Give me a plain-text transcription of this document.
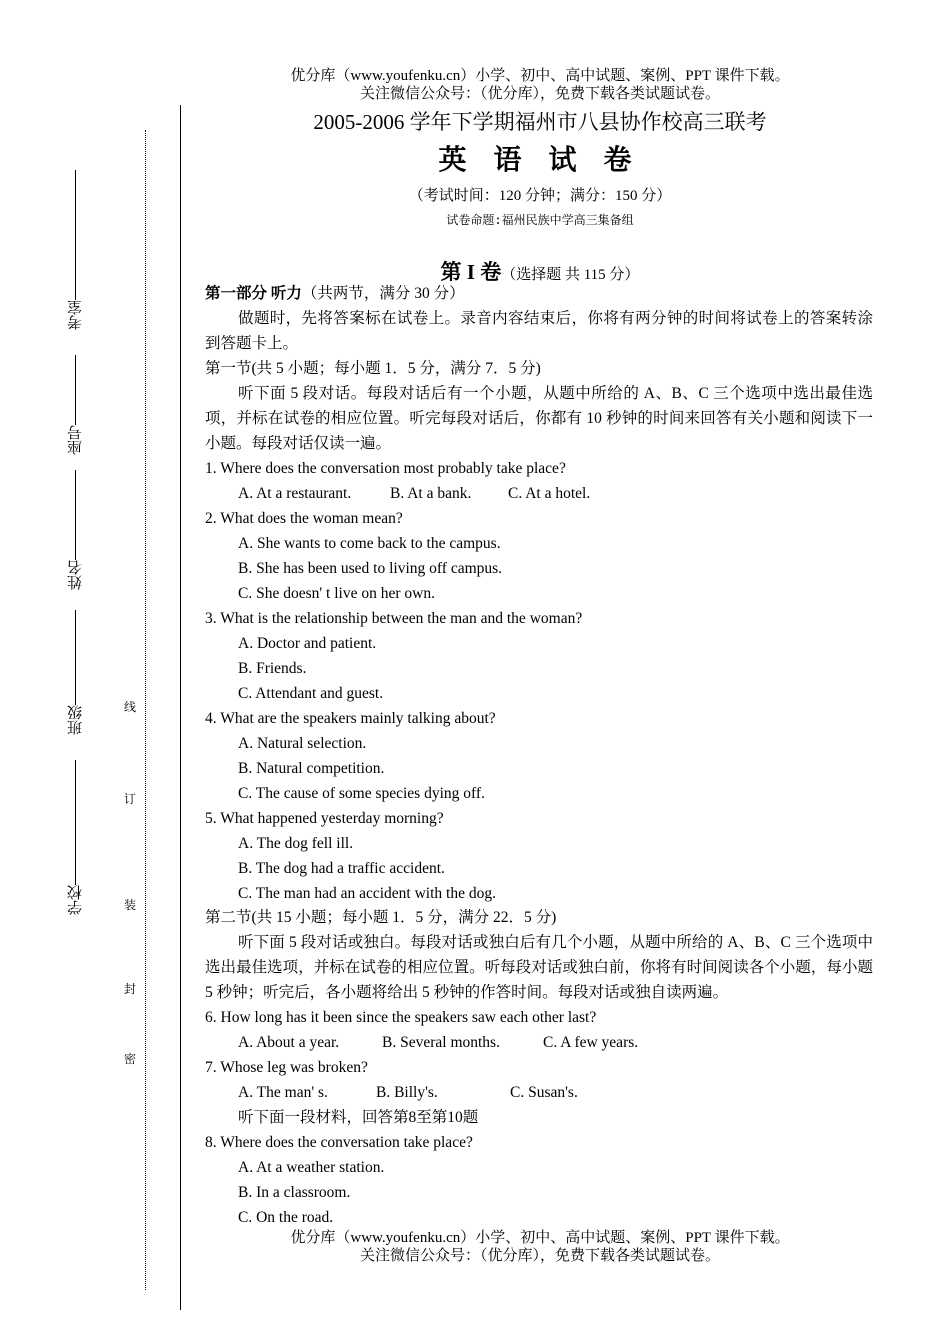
考室
座号
姓名
班级
学校
线
订
装
封
密
优分库（www.youfenku.cn）小学、初中、高中试题、案例、PPT 课件下载。
关注微信公众号：（优分库），免费下载各类试题试卷。
2005-2006 学年下学期福州市八县协作校高三联考
英 语 试 卷
（考试时间：120 分钟；满分：150 分）
试卷命题:福州民族中学高三集备组
第 I 卷（选择题 共 115 分）
第一部分 听力（共两节，满分 30 分）
做题时，先将答案标在试卷上。录音内容结束后，你将有两分钟的时间将试卷上的答案转涂到答题卡上。
第一节(共 5 小题；每小题 1．5 分，满分 7．5 分)
听下面 5 段对话。每段对话后有一个小题，从题中所给的 A、B、C 三个选项中选出最佳选项，并标在试卷的相应位置。听完每段对话后，你都有 10 秒钟的时间来回答有关小题和阅读下一小题。每段对话仅读一遍。
1. Where does the conversation most probably take place?
A. At a restaurant.	B. At a bank. C. At a hotel.
2. What does the woman mean?
A. She wants to come back to the campus.
B. She has been used to living off campus.
C. She doesn' t live on her own.
3. What is the relationship between the man and the woman?
A. Doctor and patient.
B. Friends.
C. Attendant and guest.
4. What are the speakers mainly talking about?
A. Natural selection.
B. Natural competition.
C. The cause of some species dying off.
5. What happened yesterday morning?
A. The dog fell ill.
B. The dog had a traffic accident.
C. The man had an accident with the dog.
第二节(共 15 小题；每小题 1．5 分，满分 22．5 分)
听下面 5 段对话或独白。每段对话或独白后有几个小题，从题中所给的 A、B、C 三个选项中选出最佳选项，并标在试卷的相应位置。听每段对话或独白前，你将有时间阅读各个小题，每小题 5 秒钟；听完后，各小题将给出 5 秒钟的作答时间。每段对话或独自读两遍。
6. How long has it been since the speakers saw each other last?
A. About a year.	B. Several months.	C. A few years.
7. Whose leg was broken?
A. The man' s.	B. Billy's.	C. Susan's.
听下面一段材料，回答第8至第10题
8. Where does the conversation take place?
A. At a weather station.
B. In a classroom.
C. On the road.
优分库（www.youfenku.cn）小学、初中、高中试题、案例、PPT 课件下载。
关注微信公众号：（优分库），免费下载各类试题试卷。
